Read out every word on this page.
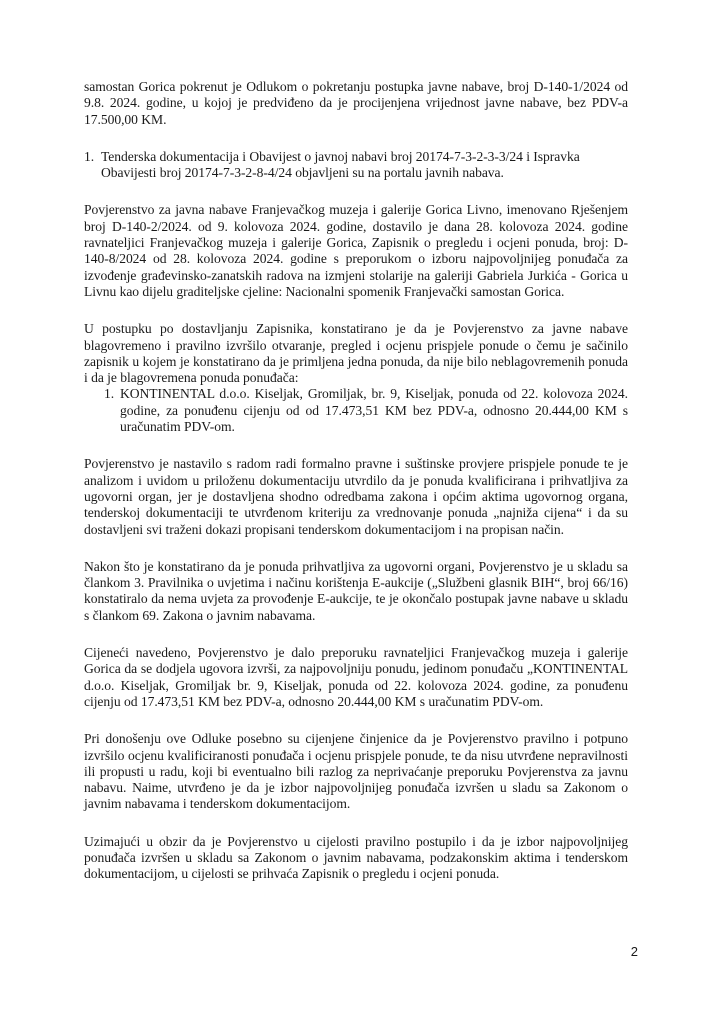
samostan Gorica pokrenut je Odlukom o pokretanju postupka javne nabave, broj D-140-1/2024 od 9.8. 2024. godine, u kojoj je predviđeno da je procijenjena vrijednost javne nabave, bez PDV-a 17.500,00 KM.

1. Tenderska dokumentacija i Obavijest o javnoj nabavi broj 20174-7-3-2-3-3/24 i Ispravka Obavijesti broj 20174-7-3-2-8-4/24 objavljeni su na portalu javnih nabava.

Povjerenstvo za javna nabave Franjevačkog muzeja i galerije Gorica Livno, imenovano Rješenjem broj D-140-2/2024. od 9. kolovoza 2024. godine, dostavilo je dana 28. kolovoza 2024. godine ravnateljici Franjevačkog muzeja i galerije Gorica, Zapisnik o pregledu i ocjeni ponuda, broj: D-140-8/2024 od 28. kolovoza 2024. godine s preporukom o izboru najpovoljnijeg ponuđača za izvođenje građevinsko-zanatskih radova na izmjeni stolarije na galeriji Gabriela Jurkića - Gorica u Livnu kao dijelu graditeljske cjeline: Nacionalni spomenik Franjevački samostan Gorica.

U postupku po dostavljanju Zapisnika, konstatirano je da je Povjerenstvo za javne nabave blagovremeno i pravilno izvršilo otvaranje, pregled i ocjenu prispjele ponude o čemu je sačinilo zapisnik u kojem je konstatirano da je primljena jedna ponuda, da nije bilo neblagovremenih ponuda i da je blagovremena ponuda ponuđača:

1. KONTINENTAL d.o.o. Kiseljak, Gromiljak, br. 9, Kiseljak, ponuda od 22. kolovoza 2024. godine, za ponuđenu cijenju od od 17.473,51 KM bez PDV-a, odnosno 20.444,00 KM s uračunatim PDV-om.

Povjerenstvo je nastavilo s radom radi formalno pravne i suštinske provjere prispjele ponude te je analizom i uvidom u priloženu dokumentaciju utvrdilo da je ponuda kvalificirana i prihvatljiva za ugovorni organ, jer je dostavljena shodno odredbama zakona i općim aktima ugovornog organa, tenderskoj dokumentaciji te utvrđenom kriteriju za vrednovanje ponuda „najniža cijena“ i da su dostavljeni svi traženi dokazi propisani tenderskom dokumentacijom i na propisan način.

Nakon što je konstatirano da je ponuda prihvatljiva za ugovorni organi, Povjerenstvo je u skladu sa člankom 3. Pravilnika o uvjetima i načinu korištenja E-aukcije („Službeni glasnik BIH“, broj 66/16) konstatiralo da nema uvjeta za provođenje E-aukcije, te je okončalo postupak javne nabave u skladu s člankom 69. Zakona o javnim nabavama.

Cijeneći navedeno, Povjerenstvo je dalo preporuku ravnateljici Franjevačkog muzeja i galerije Gorica da se dodjela ugovora izvrši, za najpovoljniju ponudu, jedinom ponuđaču „KONTINENTAL d.o.o. Kiseljak, Gromiljak br. 9, Kiseljak, ponuda od 22. kolovoza 2024. godine, za ponuđenu cijenju od 17.473,51 KM bez PDV-a, odnosno 20.444,00 KM s uračunatim PDV-om.

Pri donošenju ove Odluke posebno su cijenjene činjenice da je Povjerenstvo pravilno i potpuno izvršilo ocjenu kvalificiranosti ponuđača i ocjenu prispjele ponude, te da nisu utvrđene nepravilnosti ili propusti u radu, koji bi eventualno bili razlog za neprivaćanje preporuku Povjerenstva za javnu nabavu. Naime, utvrđeno je da je izbor najpovoljnijeg ponuđača izvršen u sladu sa Zakonom o javnim nabavama i tenderskom dokumentacijom.

Uzimajući u obzir da je Povjerenstvo u cijelosti pravilno postupilo i da je izbor najpovoljnijeg ponuđača izvršen u skladu sa Zakonom o javnim nabavama, podzakonskim aktima i tenderskom dokumentacijom, u cijelosti se prihvaća Zapisnik o pregledu i ocjeni ponuda.

2
